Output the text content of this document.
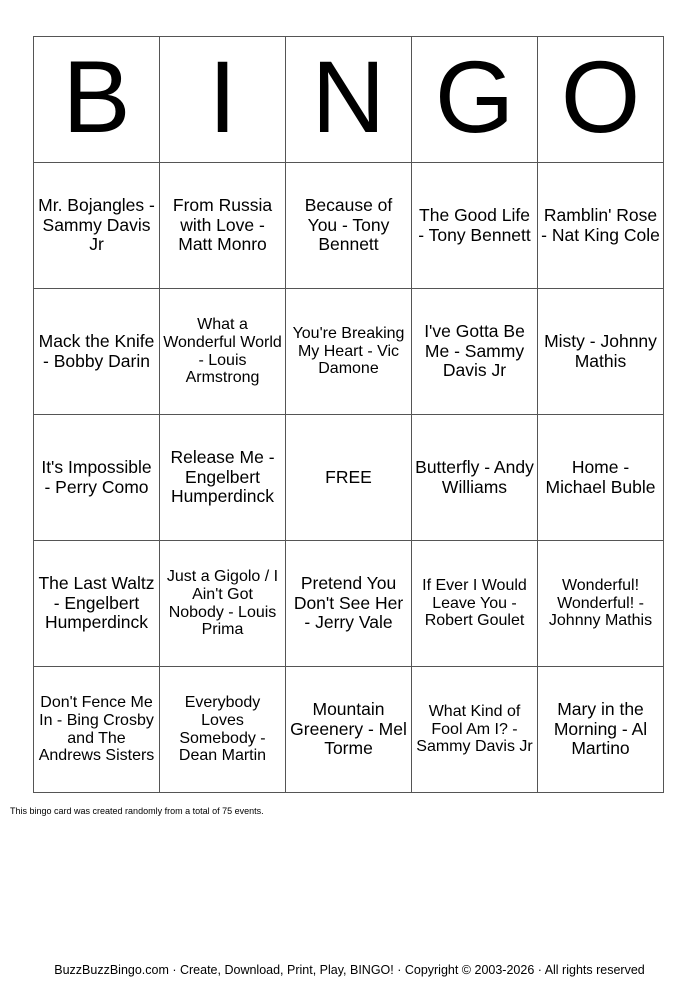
B	I	N	G	O
Mr. Bojangles - Sammy Davis Jr	From Russia with Love - Matt Monro	Because of You - Tony Bennett	The Good Life - Tony Bennett	Ramblin' Rose - Nat King Cole
Mack the Knife - Bobby Darin	What a Wonderful World - Louis Armstrong	You're Breaking My Heart - Vic Damone	I've Gotta Be Me - Sammy Davis Jr	Misty - Johnny Mathis
It's Impossible - Perry Como	Release Me - Engelbert Humperdinck	FREE	Butterfly - Andy Williams	Home - Michael Buble
The Last Waltz - Engelbert Humperdinck	Just a Gigolo / I Ain't Got Nobody - Louis Prima	Pretend You Don't See Her - Jerry Vale	If Ever I Would Leave You - Robert Goulet	Wonderful! Wonderful! - Johnny Mathis
Don't Fence Me In - Bing Crosby and The Andrews Sisters	Everybody Loves Somebody - Dean Martin	Mountain Greenery - Mel Torme	What Kind of Fool Am I? - Sammy Davis Jr	Mary in the Morning - Al Martino
This bingo card was created randomly from a total of 75 events.
BuzzBuzzBingo.com · Create, Download, Print, Play, BINGO! · Copyright © 2003-2026 · All rights reserved
